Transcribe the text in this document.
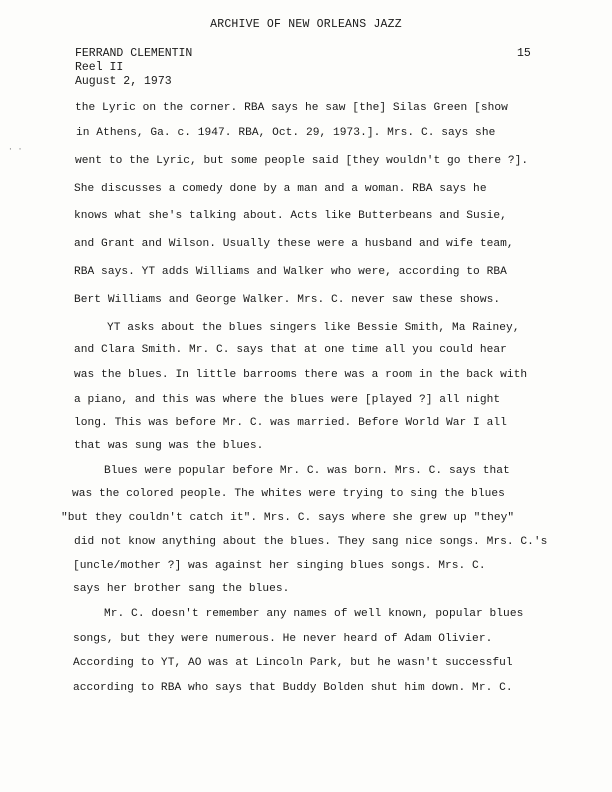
ARCHIVE OF NEW ORLEANS JAZZ
FERRAND CLEMENTIN	15
Reel II
August 2, 1973
· ·
the Lyric on the corner. RBA says he saw [the] Silas Green [show
in Athens, Ga. c. 1947. RBA, Oct. 29, 1973.]. Mrs. C. says she
went to the Lyric, but some people said [they wouldn't go there ?].
She discusses a comedy done by a man and a woman. RBA says he
knows what she's talking about. Acts like Butterbeans and Susie,
and Grant and Wilson. Usually these were a husband and wife team,
RBA says. YT adds Williams and Walker who were, according to RBA
Bert Williams and George Walker. Mrs. C. never saw these shows.
YT asks about the blues singers like Bessie Smith, Ma Rainey,
and Clara Smith. Mr. C. says that at one time all you could hear
was the blues. In little barrooms there was a room in the back with
a piano, and this was where the blues were [played ?] all night
long. This was before Mr. C. was married. Before World War I all
that was sung was the blues.
Blues were popular before Mr. C. was born. Mrs. C. says that
was the colored people. The whites were trying to sing the blues
"but they couldn't catch it". Mrs. C. says where she grew up "they"
did not know anything about the blues. They sang nice songs. Mrs. C.'s
[uncle/mother ?] was against her singing blues songs. Mrs. C.
says her brother sang the blues.
Mr. C. doesn't remember any names of well known, popular blues
songs, but they were numerous. He never heard of Adam Olivier.
According to YT, AO was at Lincoln Park, but he wasn't successful
according to RBA who says that Buddy Bolden shut him down. Mr. C.
